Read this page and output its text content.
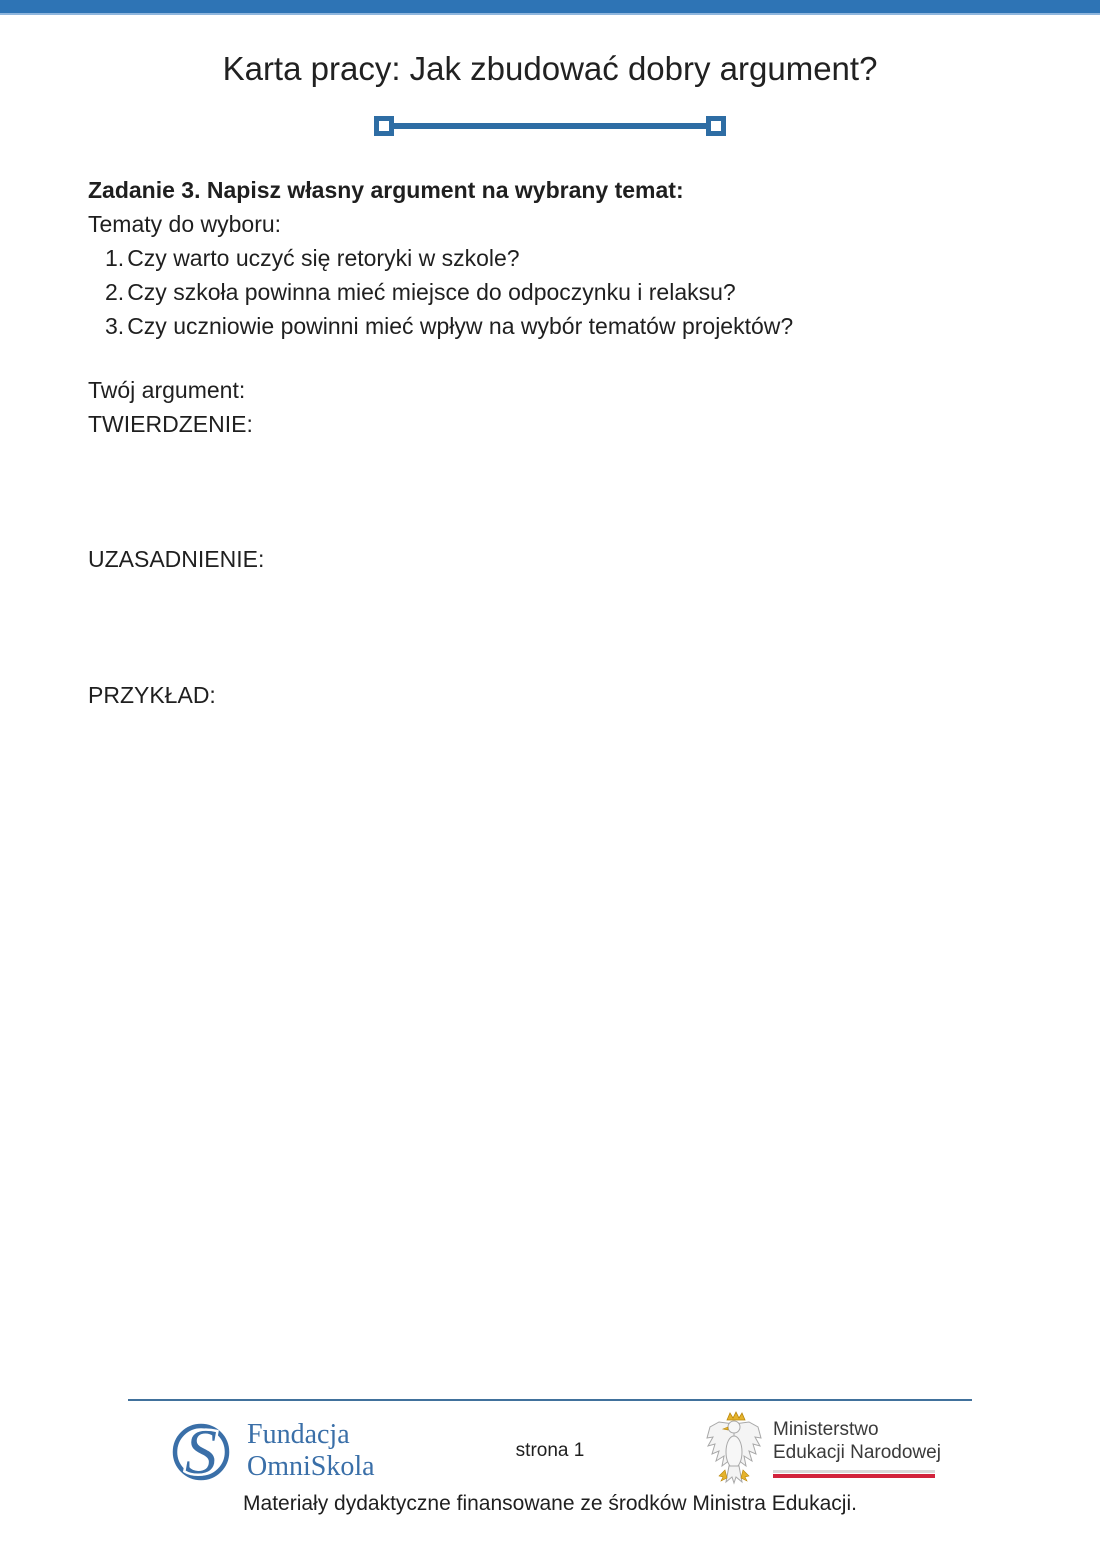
Karta pracy: Jak zbudować dobry argument?
Zadanie 3. Napisz własny argument na wybrany temat:
Tematy do wyboru:
Czy warto uczyć się retoryki w szkole?
Czy szkoła powinna mieć miejsce do odpoczynku i relaksu?
Czy uczniowie powinni mieć wpływ na wybór tematów projektów?
Twój argument:
TWIERDZENIE:
UZASADNIENIE:
PRZYKŁAD:
S Fundacja
OmniSkola
strona 1
Ministerstwo
Edukacji Narodowej
Materiały dydaktyczne finansowane ze środków Ministra Edukacji.
